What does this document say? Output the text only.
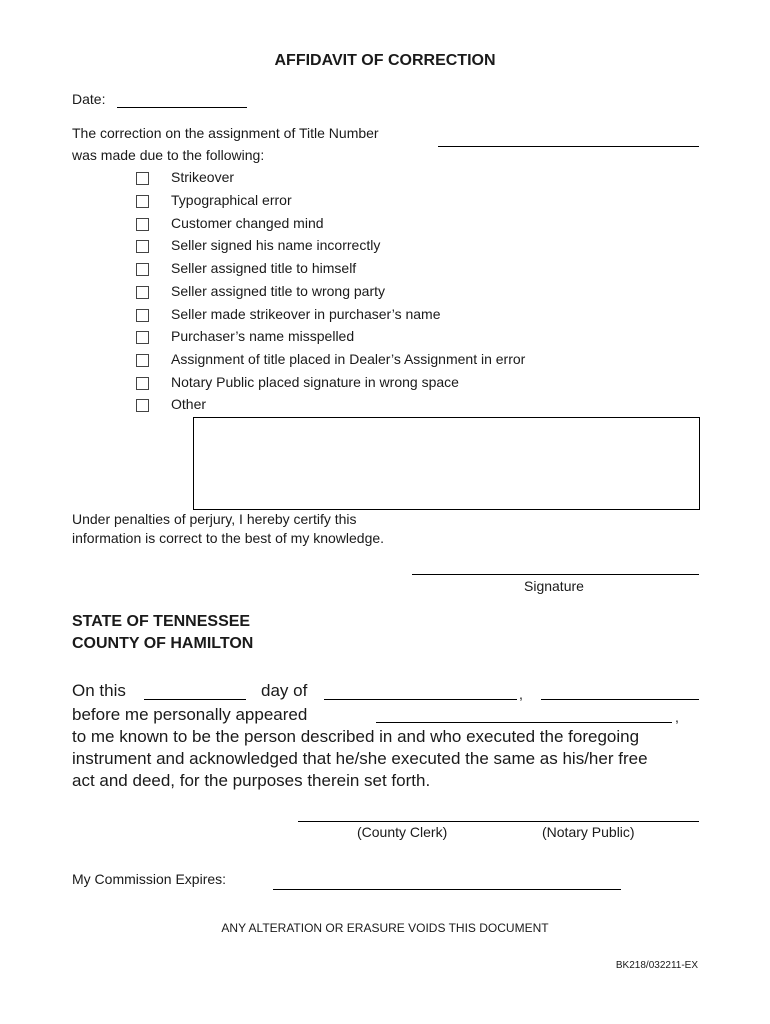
AFFIDAVIT OF CORRECTION
Date:
The correction on the assignment of Title Number
was made due to the following:
Strikeover
Typographical error
Customer changed mind
Seller signed his name incorrectly
Seller assigned title to himself
Seller assigned title to wrong party
Seller made strikeover in purchaser’s name
Purchaser’s name misspelled
Assignment of title placed in Dealer’s Assignment in error
Notary Public placed signature in wrong space
Other
Under penalties of perjury, I hereby certify this
information is correct to the best of my knowledge.
Signature
STATE OF TENNESSEE
COUNTY OF HAMILTON
On this	day of	,
before me personally appeared	,
to me known to be the person described in and who executed the foregoing
instrument and acknowledged that he/she executed the same as his/her free
act and deed, for the purposes therein set forth.
(County Clerk)	(Notary Public)
My Commission Expires:
ANY ALTERATION OR ERASURE VOIDS THIS DOCUMENT
BK218/032211-EX
